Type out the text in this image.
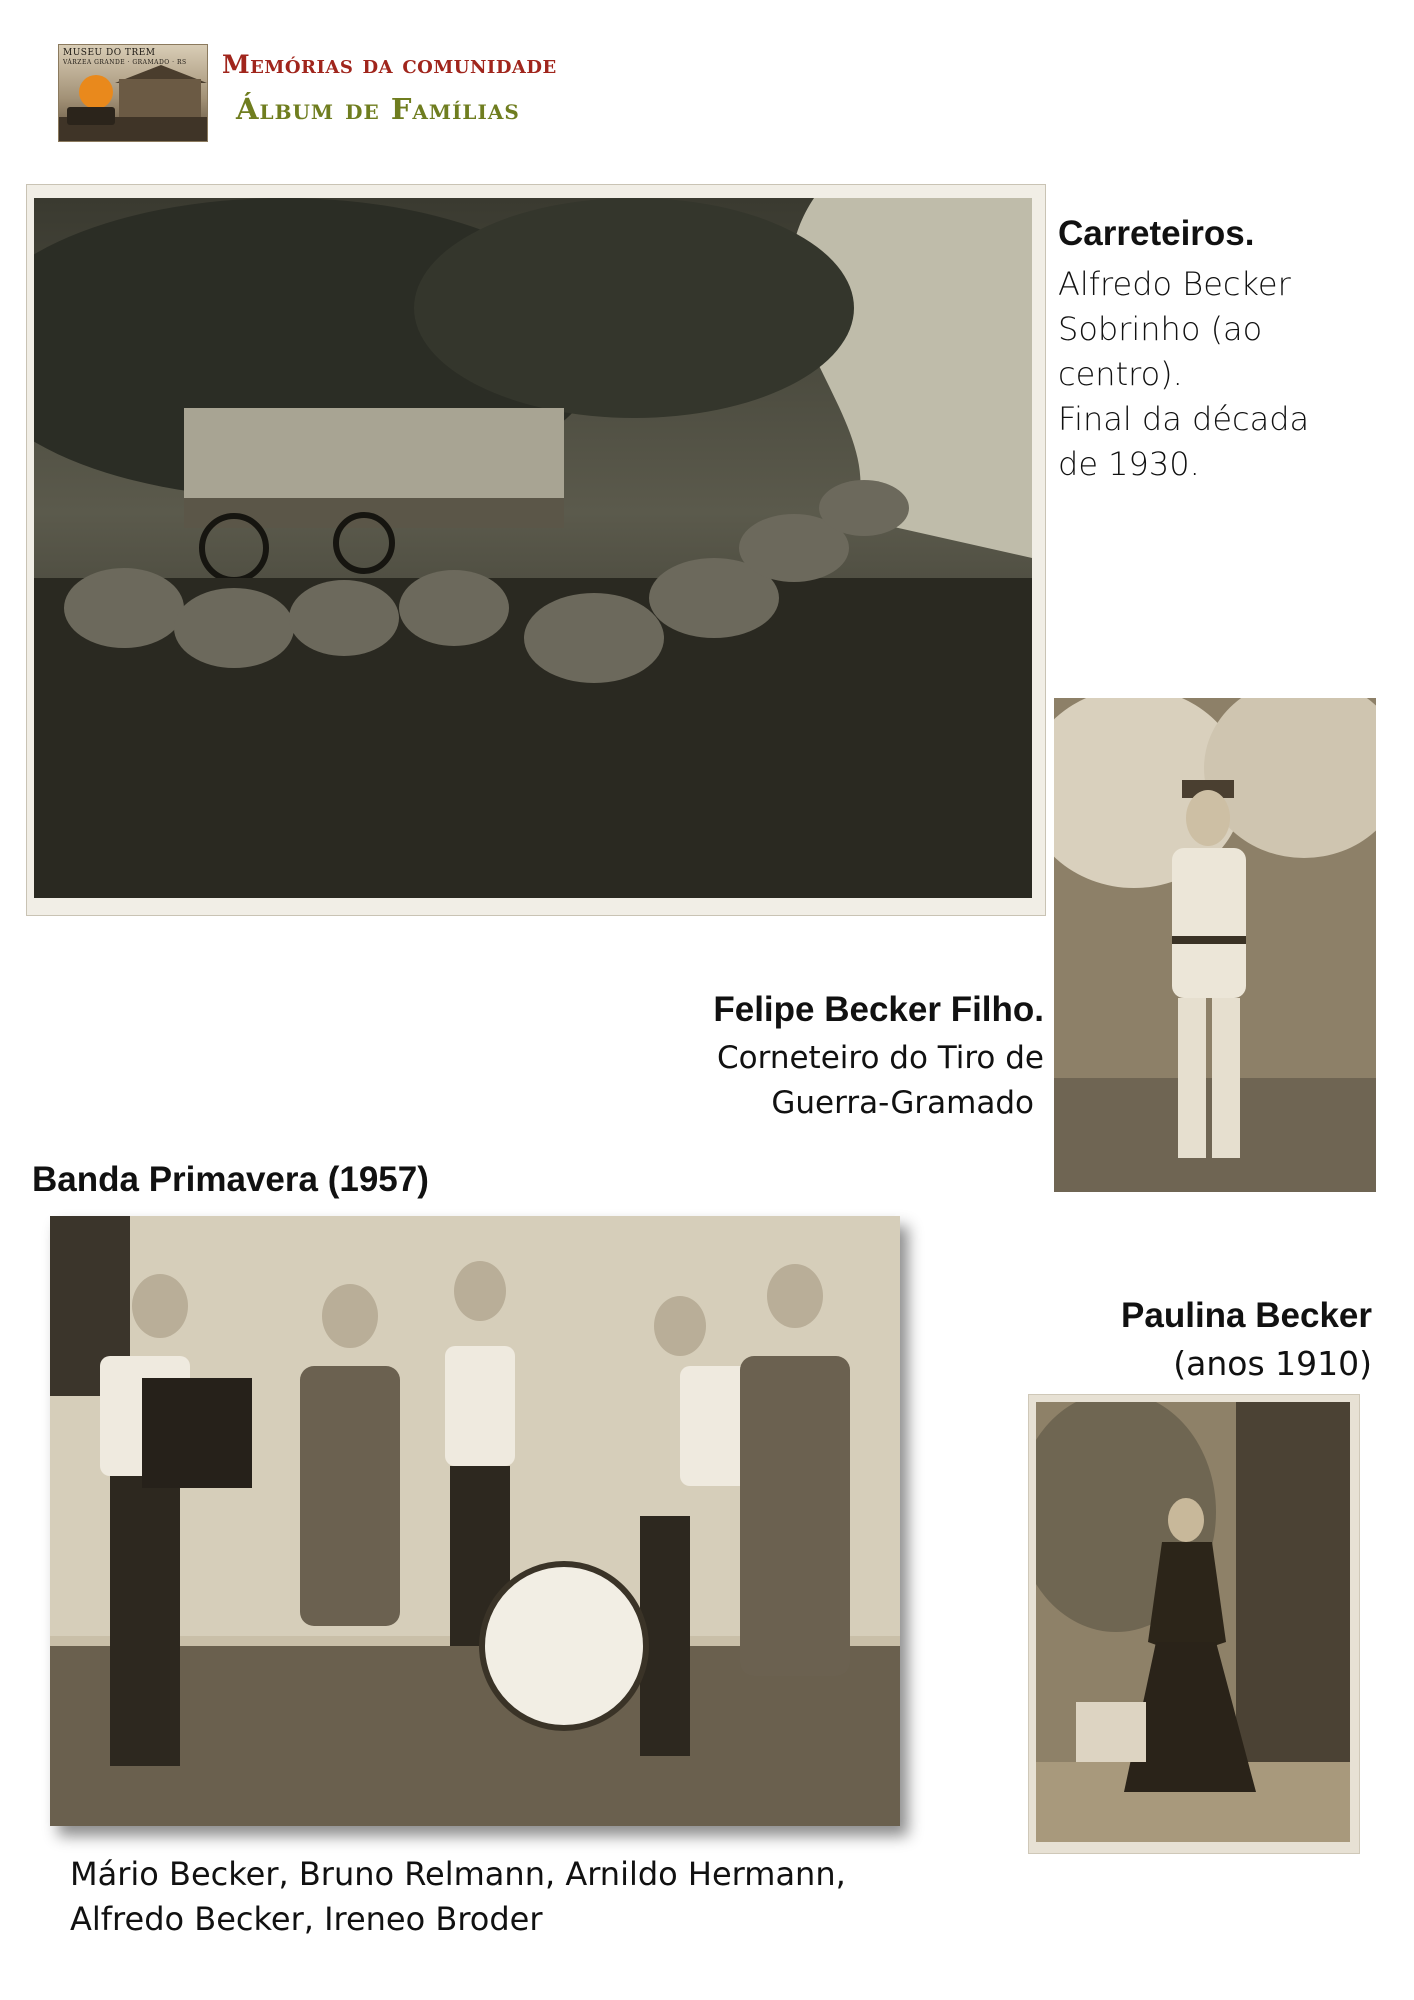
MUSEU DO TREM
VÁRZEA GRANDE · GRAMADO · RS	Memórias da comunidade
Álbum de Famílias
Carreteiros.
Alfredo Becker
Sobrinho (ao
centro).
Final da década
de 1930.
Felipe Becker Filho.
Corneteiro do Tiro de
Guerra-Gramado
Banda Primavera (1957)
Mário Becker, Bruno Relmann, Arnildo Hermann,
Alfredo Becker, Ireneo Broder
Paulina Becker
(anos 1910)
